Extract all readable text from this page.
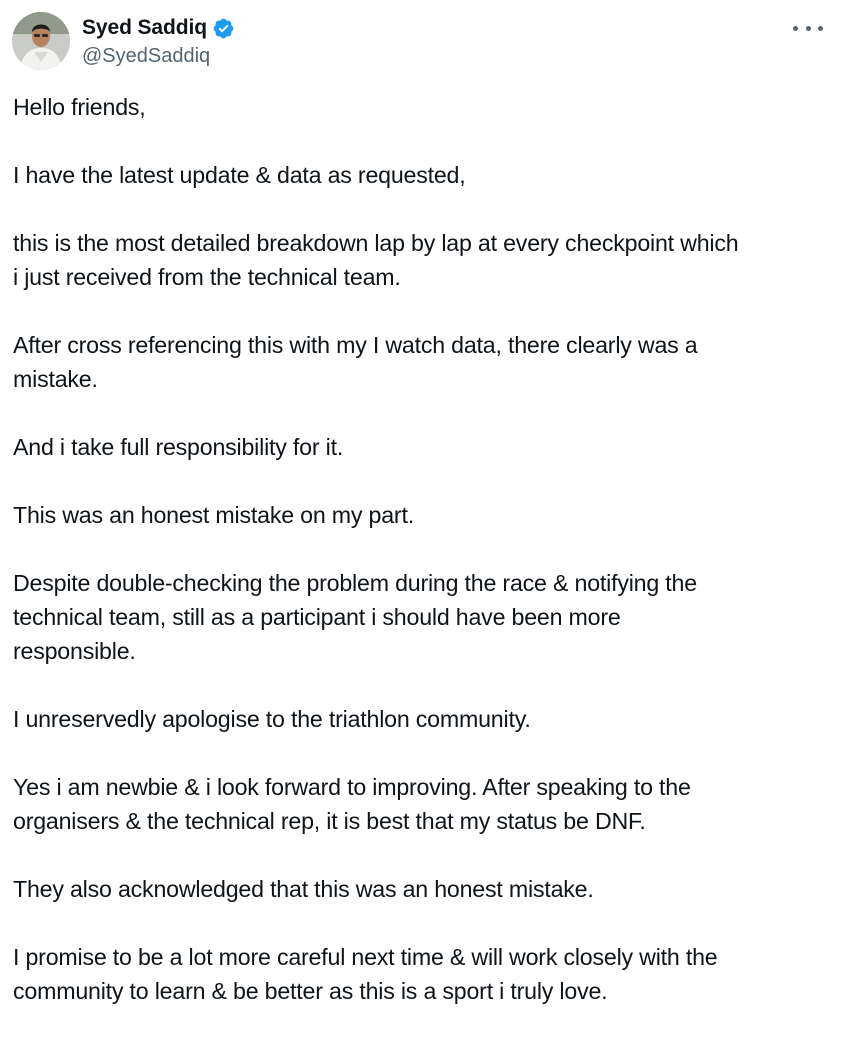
Syed Saddiq
@SyedSaddiq

Hello friends,

I have the latest update & data as requested,

this is the most detailed breakdown lap by lap at every checkpoint which
i just received from the technical team.

After cross referencing this with my I watch data, there clearly was a
mistake.

And i take full responsibility for it.

This was an honest mistake on my part.

Despite double-checking the problem during the race & notifying the
technical team, still as a participant i should have been more
responsible.

I unreservedly apologise to the triathlon community.

Yes i am newbie & i look forward to improving. After speaking to the
organisers & the technical rep, it is best that my status be DNF.

They also acknowledged that this was an honest mistake.

I promise to be a lot more careful next time & will work closely with the
community to learn & be better as this is a sport i truly love.
